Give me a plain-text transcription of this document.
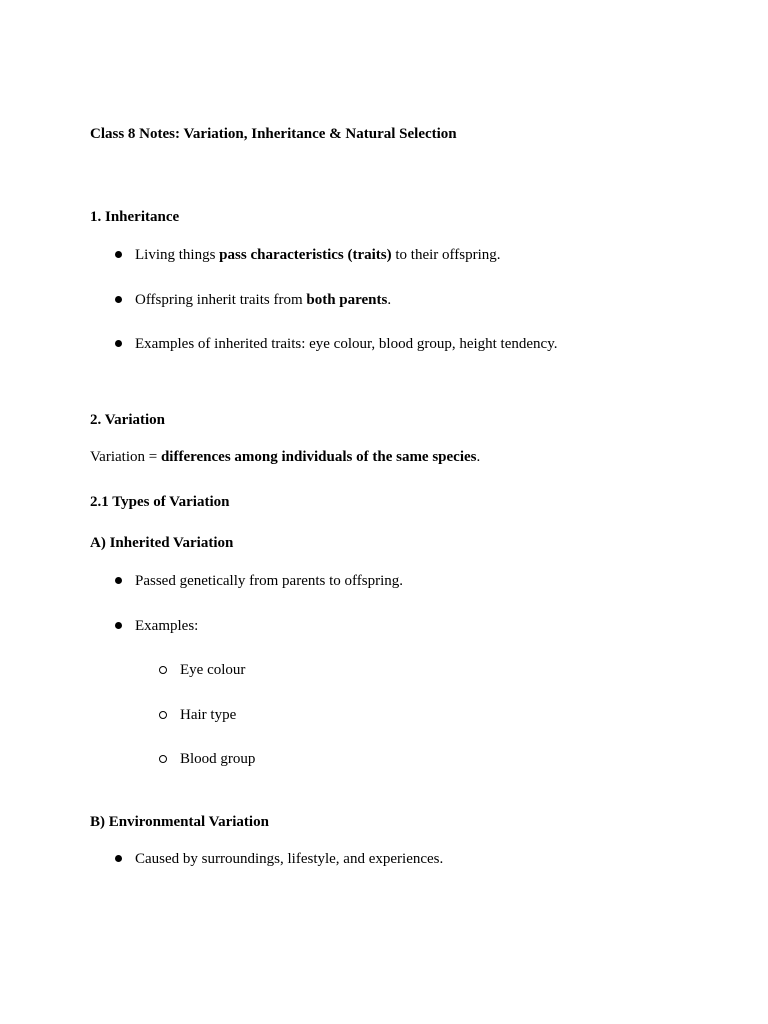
Class 8 Notes: Variation, Inheritance & Natural Selection
1. Inheritance
Living things pass characteristics (traits) to their offspring.
Offspring inherit traits from both parents.
Examples of inherited traits: eye colour, blood group, height tendency.
2. Variation
Variation = differences among individuals of the same species.
2.1 Types of Variation
A) Inherited Variation
Passed genetically from parents to offspring.
Examples:
Eye colour
Hair type
Blood group
B) Environmental Variation
Caused by surroundings, lifestyle, and experiences.
